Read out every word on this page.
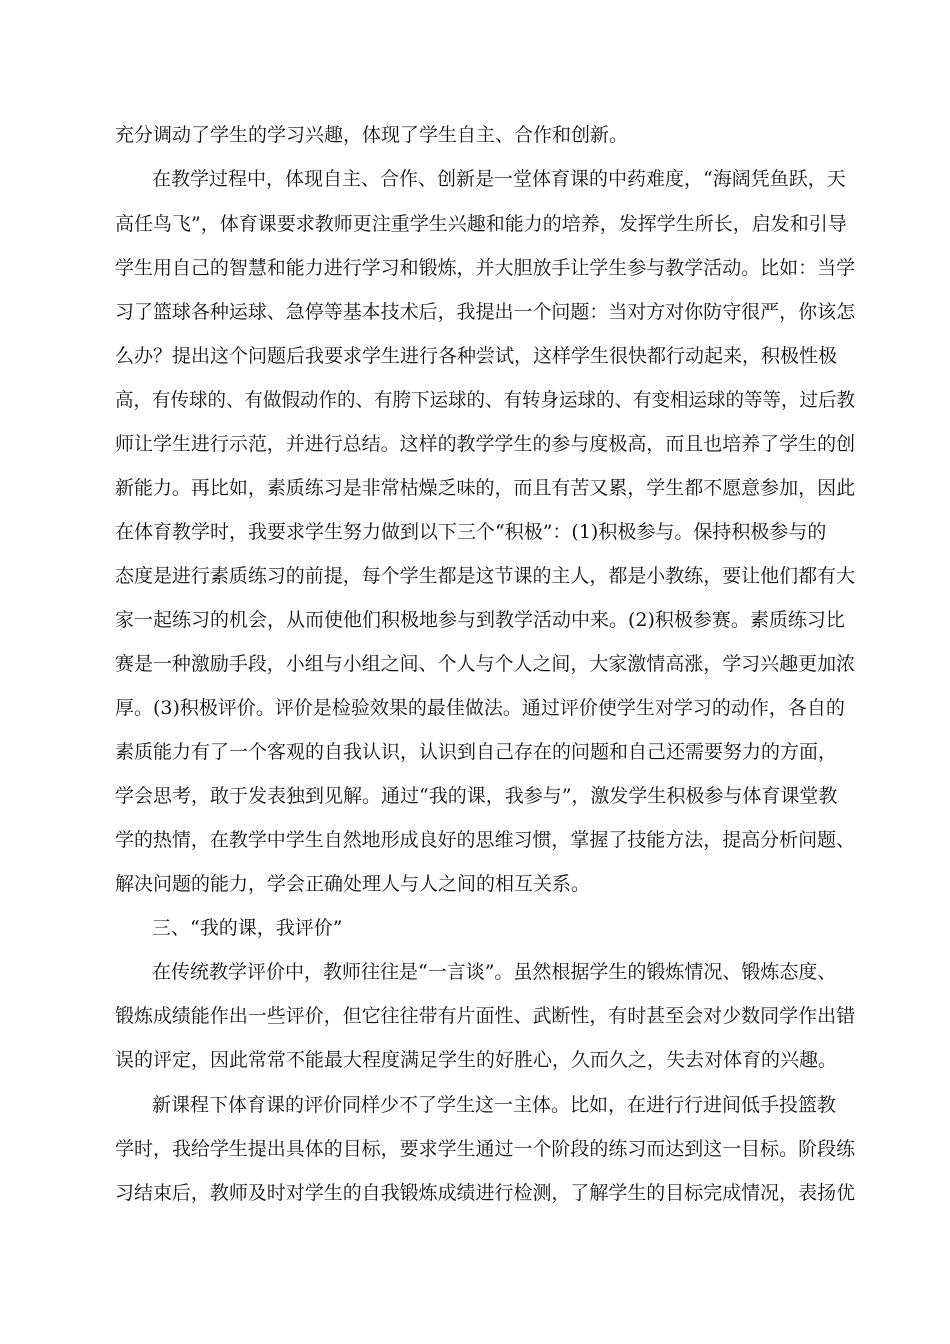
充分调动了学生的学习兴趣，体现了学生自主、合作和创新。
在教学过程中，体现自主、合作、创新是一堂体育课的中药难度，“海阔凭鱼跃，天
高任鸟飞”，体育课要求教师更注重学生兴趣和能力的培养，发挥学生所长，启发和引导
学生用自己的智慧和能力进行学习和锻炼，并大胆放手让学生参与教学活动。比如：当学
习了篮球各种运球、急停等基本技术后，我提出一个问题：当对方对你防守很严，你该怎
么办？提出这个问题后我要求学生进行各种尝试，这样学生很快都行动起来，积极性极
高，有传球的、有做假动作的、有胯下运球的、有转身运球的、有变相运球的等等，过后教
师让学生进行示范，并进行总结。这样的教学学生的参与度极高，而且也培养了学生的创
新能力。再比如，素质练习是非常枯燥乏味的，而且有苦又累，学生都不愿意参加，因此
在体育教学时，我要求学生努力做到以下三个“积极”：(1)积极参与。保持积极参与的
态度是进行素质练习的前提，每个学生都是这节课的主人，都是小教练，要让他们都有大
家一起练习的机会，从而使他们积极地参与到教学活动中来。(2)积极参赛。素质练习比
赛是一种激励手段，小组与小组之间、个人与个人之间，大家激情高涨，学习兴趣更加浓
厚。(3)积极评价。评价是检验效果的最佳做法。通过评价使学生对学习的动作，各自的
素质能力有了一个客观的自我认识，认识到自己存在的问题和自己还需要努力的方面，
学会思考，敢于发表独到见解。通过“我的课，我参与”，激发学生积极参与体育课堂教
学的热情，在教学中学生自然地形成良好的思维习惯，掌握了技能方法，提高分析问题、
解决问题的能力，学会正确处理人与人之间的相互关系。
三、“我的课，我评价”
在传统教学评价中，教师往往是“一言谈”。虽然根据学生的锻炼情况、锻炼态度、
锻炼成绩能作出一些评价，但它往往带有片面性、武断性，有时甚至会对少数同学作出错
误的评定，因此常常不能最大程度满足学生的好胜心，久而久之，失去对体育的兴趣。
新课程下体育课的评价同样少不了学生这一主体。比如，在进行行进间低手投篮教
学时，我给学生提出具体的目标，要求学生通过一个阶段的练习而达到这一目标。阶段练
习结束后，教师及时对学生的自我锻炼成绩进行检测，了解学生的目标完成情况，表扬优
